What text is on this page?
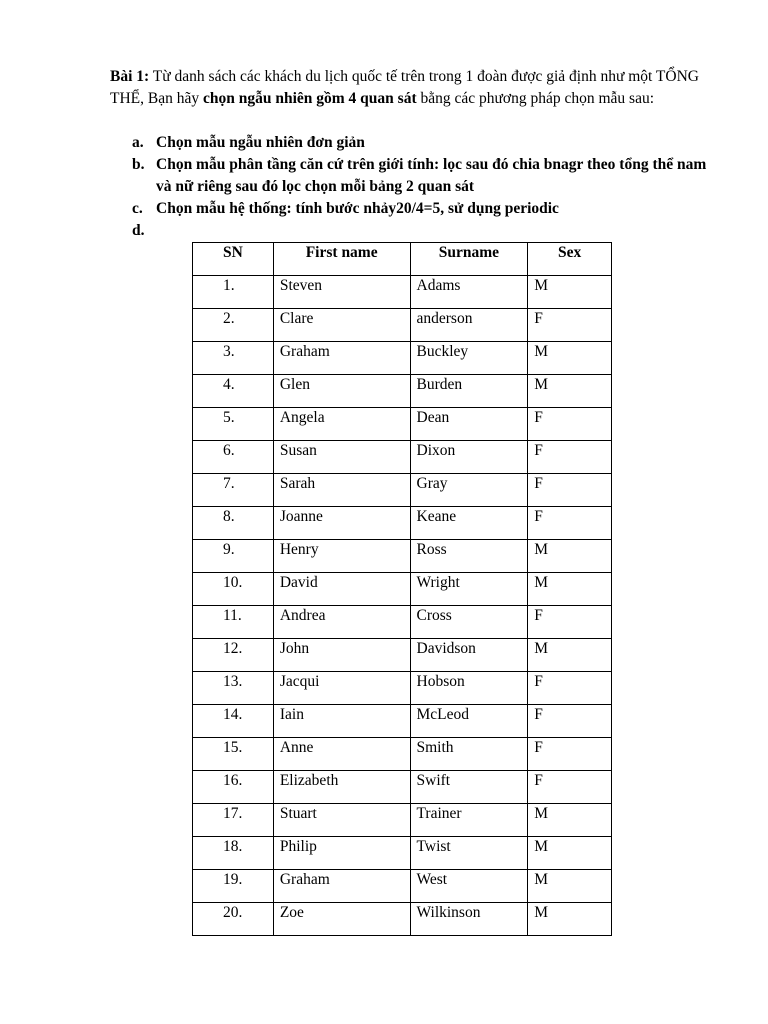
Bài 1: Từ danh sách các khách du lịch quốc tế trên trong 1 đoàn được giả định như một TỔNG THỂ, Bạn hãy chọn ngẫu nhiên gồm 4 quan sát bằng các phương pháp chọn mẫu sau:

a. Chọn mẫu ngẫu nhiên đơn giản
b. Chọn mẫu phân tầng căn cứ trên giới tính: lọc sau đó chia bnagr theo tổng thể nam và nữ riêng sau đó lọc chọn mỗi bảng 2 quan sát
c. Chọn mẫu hệ thống: tính bước nhảy20/4=5, sử dụng periodic
d.
SN	First name	Surname	Sex
1.	Steven	Adams	M
2.	Clare	anderson	F
3.	Graham	Buckley	M
4.	Glen	Burden	M
5.	Angela	Dean	F
6.	Susan	Dixon	F
7.	Sarah	Gray	F
8.	Joanne	Keane	F
9.	Henry	Ross	M
10.	David	Wright	M
11.	Andrea	Cross	F
12.	John	Davidson	M
13.	Jacqui	Hobson	F
14.	Iain	McLeod	F
15.	Anne	Smith	F
16.	Elizabeth	Swift	F
17.	Stuart	Trainer	M
18.	Philip	Twist	M
19.	Graham	West	M
20.	Zoe	Wilkinson	M
